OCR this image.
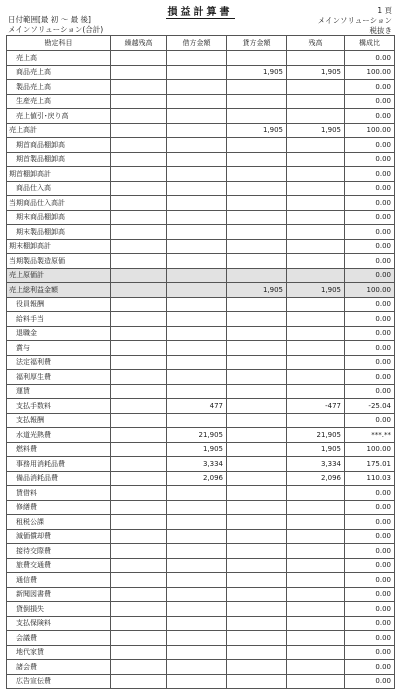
損益計算書
日付範囲[最 初 ～ 最 後]
メインソリューション(合計)
1 頁
メインソリューション
税抜き
勘定科目	繰越残高	借方金額	貸方金額	残高	構成比
売上高					0.00
商品売上高			1,905	1,905	100.00
製品売上高					0.00
生産売上高					0.00
売上値引･戻り高					0.00
売上高計			1,905	1,905	100.00
期首商品棚卸高					0.00
期首製品棚卸高					0.00
期首棚卸高計					0.00
商品仕入高					0.00
当期商品仕入高計					0.00
期末商品棚卸高					0.00
期末製品棚卸高					0.00
期末棚卸高計					0.00
当期製品製造原価					0.00
売上原価計					0.00
売上総利益金額			1,905	1,905	100.00
役員報酬					0.00
給料手当					0.00
退職金					0.00
賞与					0.00
法定福利費					0.00
福利厚生費					0.00
運賃					0.00
支払手数料		477		-477	-25.04
支払報酬					0.00
水道光熱費		21,905		21,905	***.**
燃料費		1,905		1,905	100.00
事務用消耗品費		3,334		3,334	175.01
備品消耗品費		2,096		2,096	110.03
賃借料					0.00
修繕費					0.00
租税公課					0.00
減価償却費					0.00
接待交際費					0.00
旅費交通費					0.00
通信費					0.00
新聞図書費					0.00
貸倒損失					0.00
支払保険料					0.00
会議費					0.00
地代家賃					0.00
諸会費					0.00
広告宣伝費					0.00
